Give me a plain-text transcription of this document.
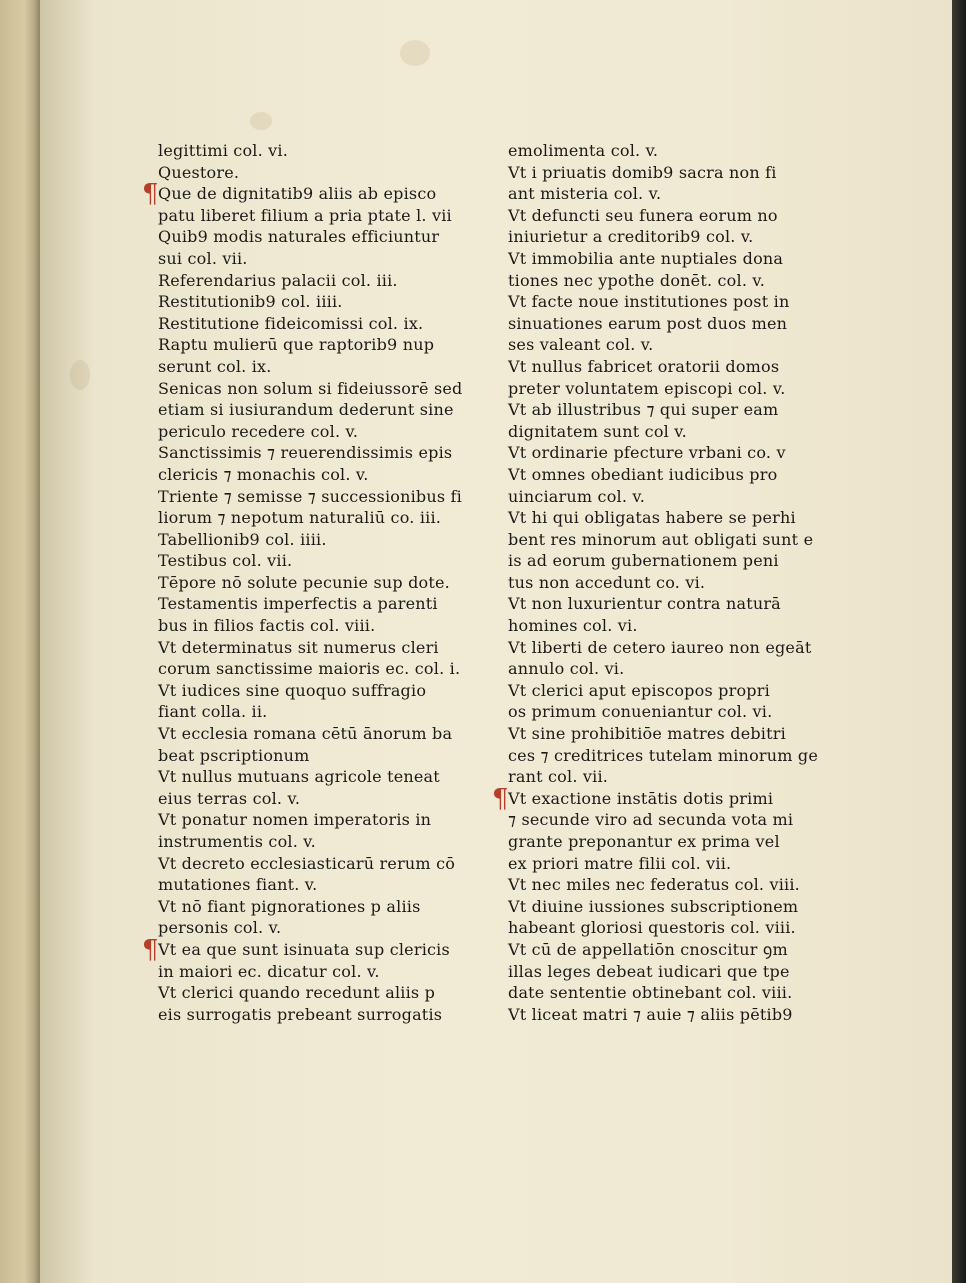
legittimi col. vi.
Questore.
¶ Que de dignitatib9 aliis ab episco
patu liberet filium a pria ptate l. vii
Quib9 modis naturales efficiuntur
sui col. vii.
Referendarius palacii col. iii.
Restitutionib9 col. iiii.
Restitutione fideicomissi col. ix.
Raptu mulierū que raptorib9 nup
serunt col. ix.
Senicas non solum si fideiussorē sed
etiam si iusiurandum dederunt sine
periculo recedere col. v.
Sanctissimis ⁊ reuerendissimis epis
clericis ⁊ monachis col. v.
Triente ⁊ semisse ⁊ successionibus fi
liorum ⁊ nepotum naturaliū co. iii.
Tabellionib9 col. iiii.
Testibus col. vii.
Tēpore nō solute pecunie sup dote.
Testamentis imperfectis a parenti
bus in filios factis col. viii.
Vt determinatus sit numerus cleri
corum sanctissime maioris ec. col. i.
Vt iudices sine quoquo suffragio
fiant colla. ii.
Vt ecclesia romana cētū ānorum ba
beat pscriptionum
Vt nullus mutuans agricole teneat
eius terras col. v.
Vt ponatur nomen imperatoris in
instrumentis col. v.
Vt decreto ecclesiasticarū rerum cō
mutationes fiant. v.
Vt nō fiant pignorationes p aliis
personis col. v.
¶ Vt ea que sunt isinuata sup clericis
in maiori ec. dicatur col. v.
Vt clerici quando recedunt aliis p
eis surrogatis prebeant surrogatis
emolimenta col. v.
Vt i priuatis domib9 sacra non fi
ant misteria col. v.
Vt defuncti seu funera eorum no
iniurietur a creditorib9 col. v.
Vt immobilia ante nuptiales dona
tiones nec ypothe donēt. col. v.
Vt facte noue institutiones post in
sinuationes earum post duos men
ses valeant col. v.
Vt nullus fabricet oratorii domos
preter voluntatem episcopi col. v.
Vt ab illustribus ⁊ qui super eam
dignitatem sunt col v.
Vt ordinarie pfecture vrbani co. v
Vt omnes obediant iudicibus pro
uinciarum col. v.
Vt hi qui obligatas habere se perhi
bent res minorum aut obligati sunt e
is ad eorum gubernationem peni
tus non accedunt co. vi.
Vt non luxurientur contra naturā
homines col. vi.
Vt liberti de cetero iaureo non egeāt
annulo col. vi.
Vt clerici aput episcopos propri
os primum conueniantur col. vi.
Vt sine prohibitiōe matres debitri
ces ⁊ creditrices tutelam minorum ge
rant col. vii.
¶ Vt exactione instātis dotis primi
⁊ secunde viro ad secunda vota mi
grante preponantur ex prima vel
ex priori matre filii col. vii.
Vt nec miles nec federatus col. viii.
Vt diuine iussiones subscriptionem
habeant gloriosi questoris col. viii.
Vt cū de appellatiōn cnoscitur ꝯm
illas leges debeat iudicari que tpe
date sententie obtinebant col. viii.
Vt liceat matri ⁊ auie ⁊ aliis pētib9
